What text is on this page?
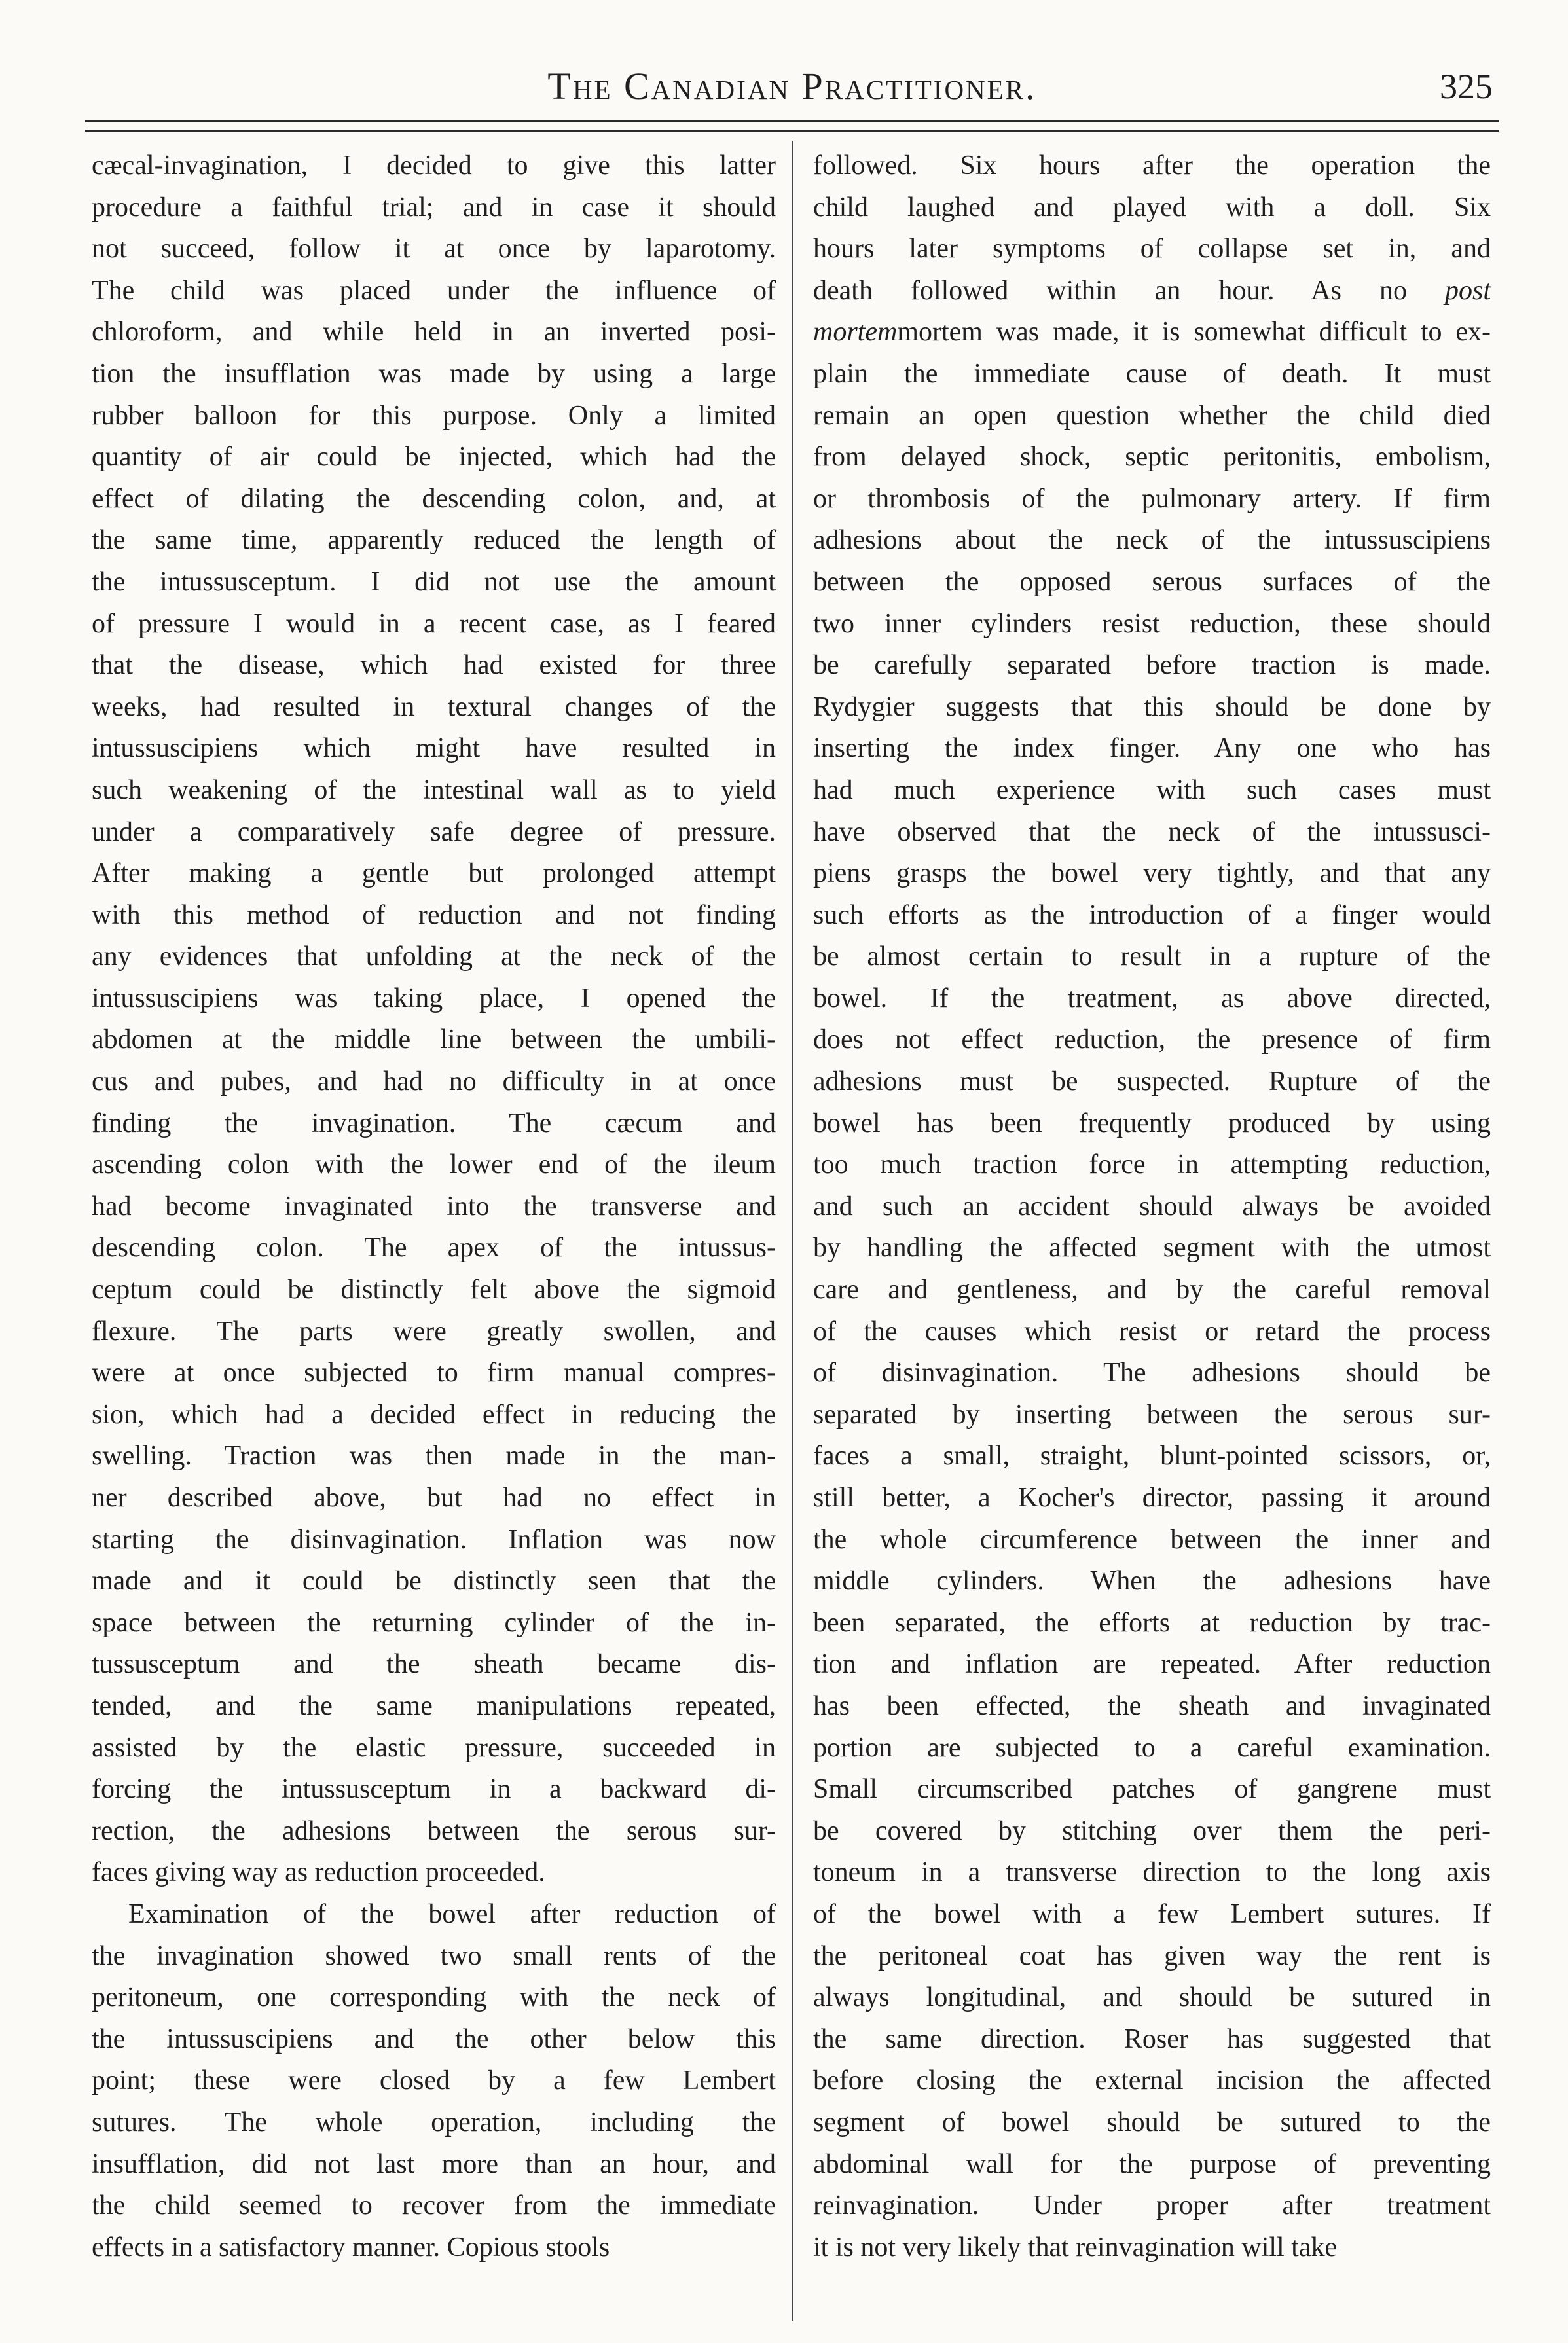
The Canadian Practitioner.	325
cæcal-invagination, I decided to give this latter
procedure a faithful trial; and in case it should
not succeed, follow it at once by laparotomy.
The child was placed under the influence of
chloroform, and while held in an inverted posi-
tion the insufflation was made by using a large
rubber balloon for this purpose. Only a limited
quantity of air could be injected, which had the
effect of dilating the descending colon, and, at
the same time, apparently reduced the length of
the intussusceptum. I did not use the amount
of pressure I would in a recent case, as I feared
that the disease, which had existed for three
weeks, had resulted in textural changes of the
intussuscipiens which might have resulted in
such weakening of the intestinal wall as to yield
under a comparatively safe degree of pressure.
After making a gentle but prolonged attempt
with this method of reduction and not finding
any evidences that unfolding at the neck of the
intussuscipiens was taking place, I opened the
abdomen at the middle line between the umbili-
cus and pubes, and had no difficulty in at once
finding the invagination. The cæcum and
ascending colon with the lower end of the ileum
had become invaginated into the transverse and
descending colon. The apex of the intussus-
ceptum could be distinctly felt above the sigmoid
flexure. The parts were greatly swollen, and
were at once subjected to firm manual compres-
sion, which had a decided effect in reducing the
swelling. Traction was then made in the man-
ner described above, but had no effect in
starting the disinvagination. Inflation was now
made and it could be distinctly seen that the
space between the returning cylinder of the in-
tussusceptum and the sheath became dis-
tended, and the same manipulations repeated,
assisted by the elastic pressure, succeeded in
forcing the intussusceptum in a backward di-
rection, the adhesions between the serous sur-
faces giving way as reduction proceeded.
Examination of the bowel after reduction of
the invagination showed two small rents of the
peritoneum, one corresponding with the neck of
the intussuscipiens and the other below this
point; these were closed by a few Lembert
sutures. The whole operation, including the
insufflation, did not last more than an hour, and
the child seemed to recover from the immediate
effects in a satisfactory manner. Copious stools
followed. Six hours after the operation the
child laughed and played with a doll. Six
hours later symptoms of collapse set in, and
death followed within an hour. As no post
mortemmortem was made, it is somewhat difficult to ex-
plain the immediate cause of death. It must
remain an open question whether the child died
from delayed shock, septic peritonitis, embolism,
or thrombosis of the pulmonary artery. If firm
adhesions about the neck of the intussuscipiens
between the opposed serous surfaces of the
two inner cylinders resist reduction, these should
be carefully separated before traction is made.
Rydygier suggests that this should be done by
inserting the index finger. Any one who has
had much experience with such cases must
have observed that the neck of the intussusci-
piens grasps the bowel very tightly, and that any
such efforts as the introduction of a finger would
be almost certain to result in a rupture of the
bowel. If the treatment, as above directed,
does not effect reduction, the presence of firm
adhesions must be suspected. Rupture of the
bowel has been frequently produced by using
too much traction force in attempting reduction,
and such an accident should always be avoided
by handling the affected segment with the utmost
care and gentleness, and by the careful removal
of the causes which resist or retard the process
of disinvagination. The adhesions should be
separated by inserting between the serous sur-
faces a small, straight, blunt-pointed scissors, or,
still better, a Kocher's director, passing it around
the whole circumference between the inner and
middle cylinders. When the adhesions have
been separated, the efforts at reduction by trac-
tion and inflation are repeated. After reduction
has been effected, the sheath and invaginated
portion are subjected to a careful examination.
Small circumscribed patches of gangrene must
be covered by stitching over them the peri-
toneum in a transverse direction to the long axis
of the bowel with a few Lembert sutures. If
the peritoneal coat has given way the rent is
always longitudinal, and should be sutured in
the same direction. Roser has suggested that
before closing the external incision the affected
segment of bowel should be sutured to the
abdominal wall for the purpose of preventing
reinvagination. Under proper after treatment
it is not very likely that reinvagination will take
